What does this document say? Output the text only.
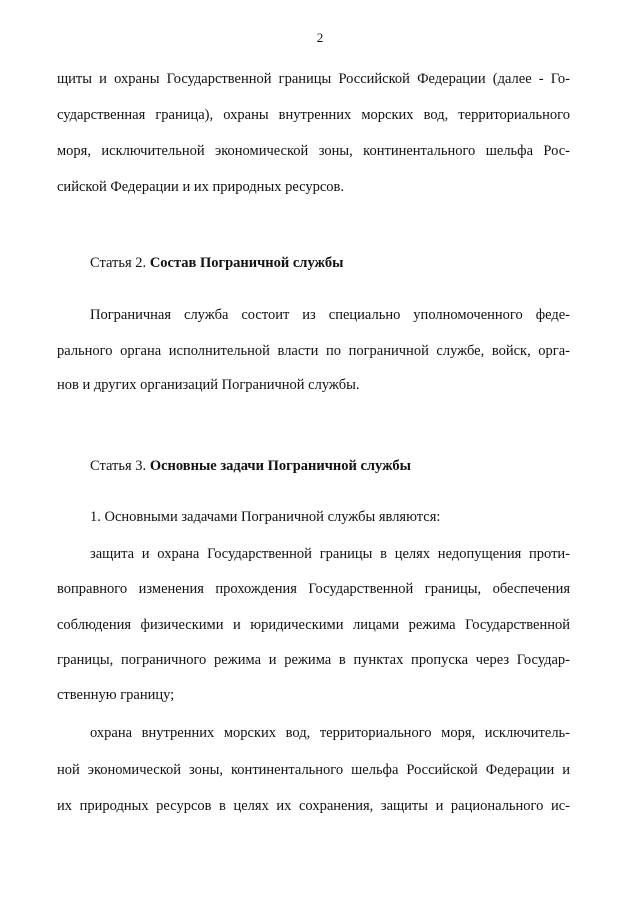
2
щиты и охраны Государственной границы Российской Федерации (далее - Го-
сударственная граница), охраны внутренних морских вод, территориального
моря, исключительной экономической зоны, континентального шельфа Рос-
сийской Федерации и их природных ресурсов.
Статья 2. Состав Пограничной службы
Пограничная служба состоит из специально уполномоченного феде-
рального органа исполнительной власти по пограничной службе, войск, орга-
нов и других организаций Пограничной службы.
Статья 3. Основные задачи Пограничной службы
1. Основными задачами Пограничной службы являются:
защита и охрана Государственной границы в целях недопущения проти-
воправного изменения прохождения Государственной границы, обеспечения
соблюдения физическими и юридическими лицами режима Государственной
границы, пограничного режима и режима в пунктах пропуска через Государ-
ственную границу;
охрана внутренних морских вод, территориального моря, исключитель-
ной экономической зоны, континентального шельфа Российской Федерации и
их природных ресурсов в целях их сохранения, защиты и рационального ис-
